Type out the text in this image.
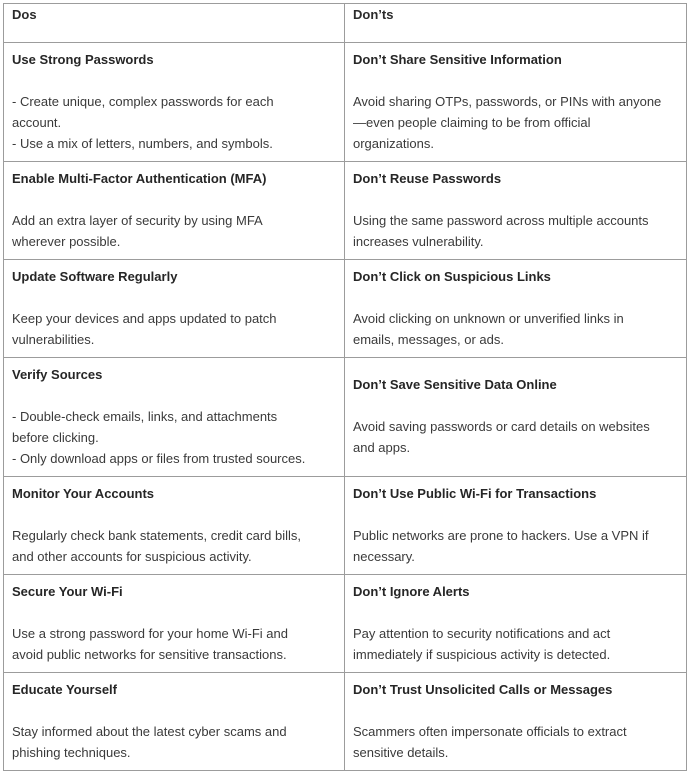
Dos	Don’ts

Use Strong Passwords
- Create unique, complex passwords for each
account.
- Use a mix of letters, numbers, and symbols.	Don’t Share Sensitive Information
Avoid sharing OTPs, passwords, or PINs with anyone
—even people claiming to be from official
organizations.

Enable Multi-Factor Authentication (MFA)
Add an extra layer of security by using MFA
wherever possible.	Don’t Reuse Passwords
Using the same password across multiple accounts
increases vulnerability.

Update Software Regularly
Keep your devices and apps updated to patch
vulnerabilities.	Don’t Click on Suspicious Links
Avoid clicking on unknown or unverified links in
emails, messages, or ads.

Verify Sources
- Double-check emails, links, and attachments
before clicking.
- Only download apps or files from trusted sources.	Don’t Save Sensitive Data Online
Avoid saving passwords or card details on websites
and apps.

Monitor Your Accounts
Regularly check bank statements, credit card bills,
and other accounts for suspicious activity.	Don’t Use Public Wi-Fi for Transactions
Public networks are prone to hackers. Use a VPN if
necessary.

Secure Your Wi-Fi
Use a strong password for your home Wi-Fi and
avoid public networks for sensitive transactions.	Don’t Ignore Alerts
Pay attention to security notifications and act
immediately if suspicious activity is detected.

Educate Yourself
Stay informed about the latest cyber scams and
phishing techniques.	Don’t Trust Unsolicited Calls or Messages
Scammers often impersonate officials to extract
sensitive details.
